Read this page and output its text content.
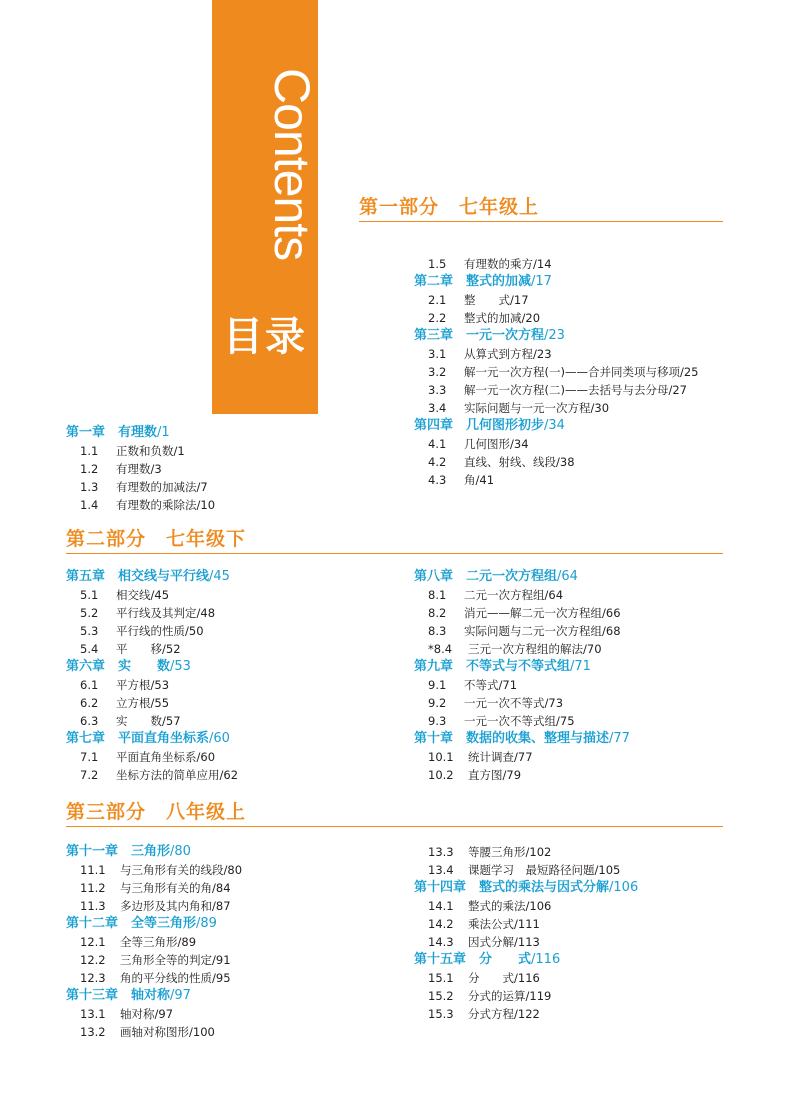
Contents
目录
第一部分　七年级上
1.5 有理数的乘方/14
第二章　整式的加减/17
2.1 整　　式/17
2.2 整式的加减/20
第三章　一元一次方程/23
3.1 从算式到方程/23
3.2 解一元一次方程(一)——合并同类项与移项/25
3.3 解一元一次方程(二)——去括号与去分母/27
3.4 实际问题与一元一次方程/30
第四章　几何图形初步/34
4.1 几何图形/34
4.2 直线、射线、线段/38
4.3 角/41
第一章　有理数/1
1.1 正数和负数/1
1.2 有理数/3
1.3 有理数的加减法/7
1.4 有理数的乘除法/10
第二部分　七年级下
第五章　相交线与平行线/45
5.1 相交线/45
5.2 平行线及其判定/48
5.3 平行线的性质/50
5.4 平　　移/52
第六章　实　　数/53
6.1 平方根/53
6.2 立方根/55
6.3 实　　数/57
第七章　平面直角坐标系/60
7.1 平面直角坐标系/60
7.2 坐标方法的简单应用/62
第八章　二元一次方程组/64
8.1 二元一次方程组/64
8.2 消元——解二元一次方程组/66
8.3 实际问题与二元一次方程组/68
*8.4 三元一次方程组的解法/70
第九章　不等式与不等式组/71
9.1 不等式/71
9.2 一元一次不等式/73
9.3 一元一次不等式组/75
第十章　数据的收集、整理与描述/77
10.1 统计调查/77
10.2 直方图/79
第三部分　八年级上
第十一章　三角形/80
11.1 与三角形有关的线段/80
11.2 与三角形有关的角/84
11.3 多边形及其内角和/87
第十二章　全等三角形/89
12.1 全等三角形/89
12.2 三角形全等的判定/91
12.3 角的平分线的性质/95
第十三章　轴对称/97
13.1 轴对称/97
13.2 画轴对称图形/100
13.3 等腰三角形/102
13.4 课题学习　最短路径问题/105
第十四章　整式的乘法与因式分解/106
14.1 整式的乘法/106
14.2 乘法公式/111
14.3 因式分解/113
第十五章　分　　式/116
15.1 分　　式/116
15.2 分式的运算/119
15.3 分式方程/122
